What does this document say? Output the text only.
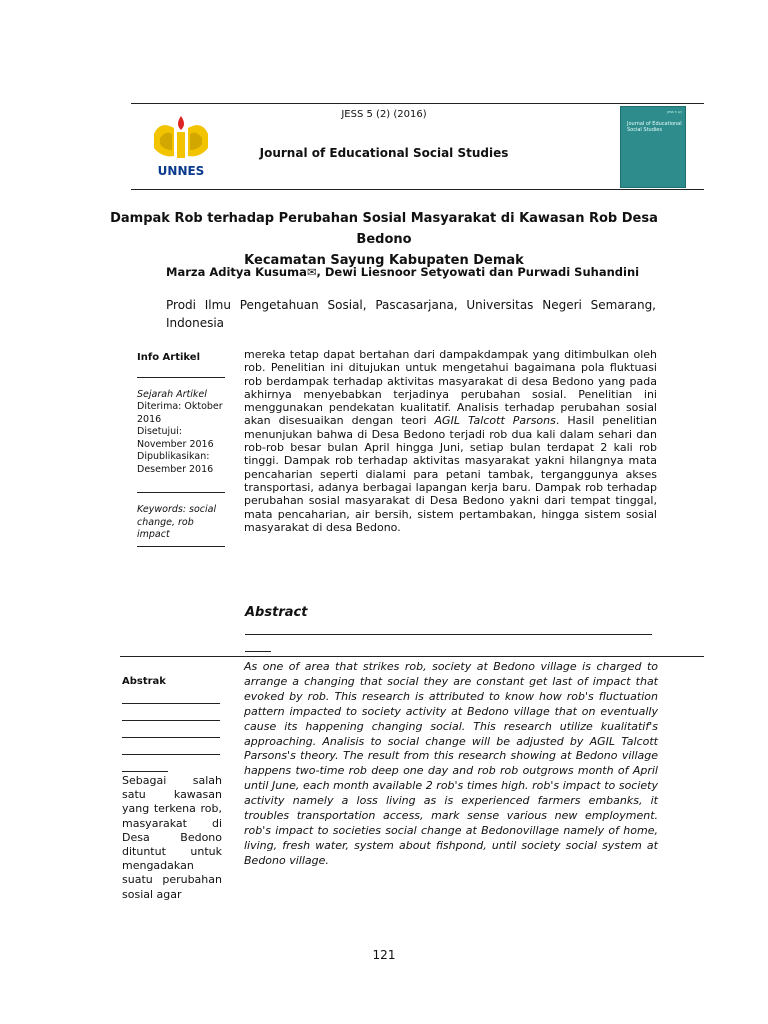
UNNES
JESS 5 (2) (2016)
Journal of Educational Social Studies
JESS 5 (2)
Journal of Educational Social Studies
Dampak Rob terhadap Perubahan Sosial Masyarakat di Kawasan Rob Desa Bedono
Kecamatan Sayung Kabupaten Demak
Marza Aditya Kusuma✉, Dewi Liesnoor Setyowati dan Purwadi Suhandini
Prodi Ilmu Pengetahuan Sosial, Pascasarjana, Universitas Negeri Semarang, Indonesia
Info Artikel
Sejarah Artikel
Diterima: Oktober 2016
Disetujui: November 2016
Dipublikasikan: Desember 2016
Keywords: social change, rob impact
mereka tetap dapat bertahan dari dampakdampak yang ditimbulkan oleh rob. Penelitian ini ditujukan untuk mengetahui bagaimana pola fluktuasi rob berdampak terhadap aktivitas masyarakat di desa Bedono yang pada akhirnya menyebabkan terjadinya perubahan sosial. Penelitian ini menggunakan pendekatan kualitatif. Analisis terhadap perubahan sosial akan disesuaikan dengan teori AGIL Talcott Parsons. Hasil penelitian menunjukan bahwa di Desa Bedono terjadi rob dua kali dalam sehari dan rob-rob besar bulan April hingga Juni, setiap bulan terdapat 2 kali rob tinggi. Dampak rob terhadap aktivitas masyarakat yakni hilangnya mata pencaharian seperti dialami para petani tambak, terganggunya akses transportasi, adanya berbagai lapangan kerja baru. Dampak rob terhadap perubahan sosial masyarakat di Desa Bedono yakni dari tempat tinggal, mata pencaharian, air bersih, sistem pertambakan, hingga sistem sosial masyarakat di desa Bedono.
Abstract
As one of area that strikes rob, society at Bedono village is charged to arrange a changing that social they are constant get last of impact that evoked by rob. This research is attributed to know how rob's fluctuation pattern impacted to society activity at Bedono village that on eventually cause its happening changing social. This research utilize kualitatif's approaching. Analisis to social change will be adjusted by AGIL Talcott Parsons's theory. The result from this research showing at Bedono village happens two-time rob deep one day and rob rob outgrows month of April until June, each month available 2 rob's times high. rob's impact to society activity namely a loss living as is experienced farmers embanks, it troubles transportation access, mark sense various new employment. rob's impact to societies social change at Bedonovillage namely of home, living, fresh water, system about fishpond, until society social system at Bedono village.
Abstrak
Sebagai salah satu kawasan yang terkena rob, masyarakat di Desa Bedono dituntut untuk mengadakan suatu perubahan sosial agar
121
